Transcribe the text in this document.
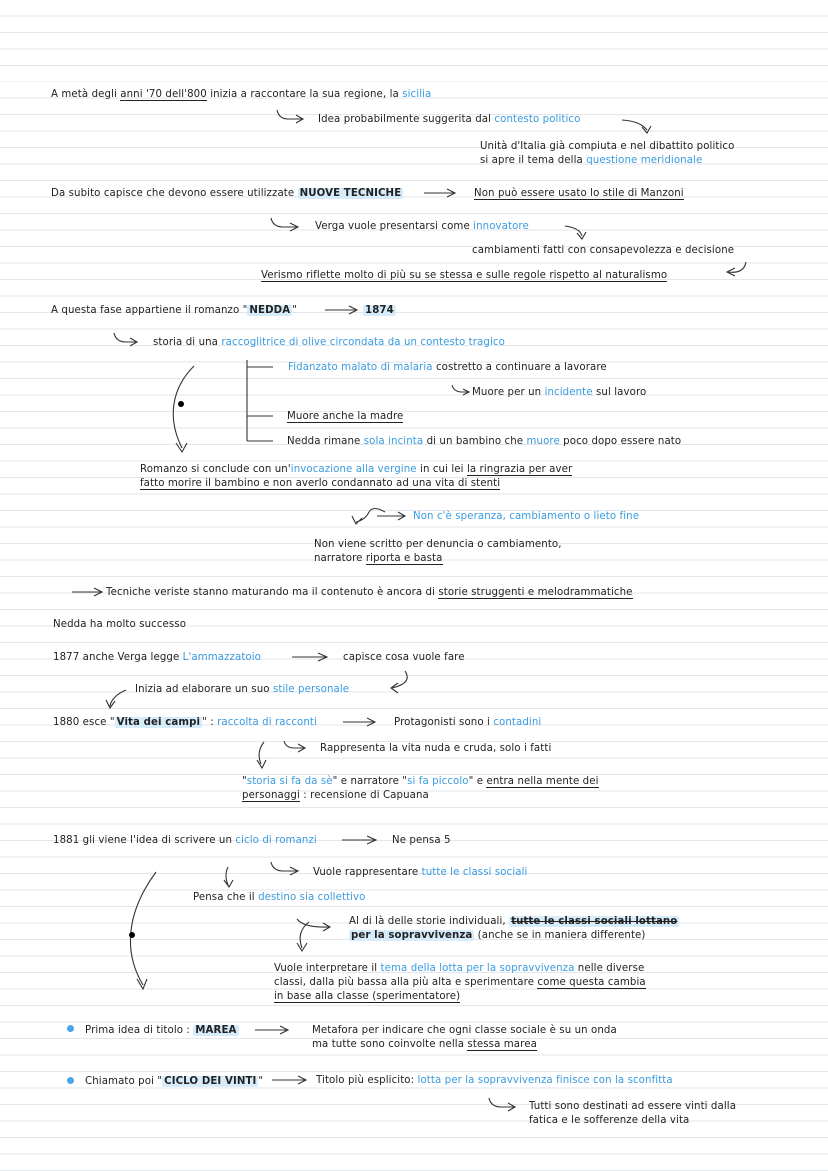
A metà degli anni '70 dell'800 inizia a raccontare la sua regione, la sicilia
Idea probabilmente suggerita dal contesto politico
Unità d'Italia già compiuta e nel dibattito politico
si apre il tema della questione meridionale
Da subito capisce che devono essere utilizzate NUOVE TECNICHE	Non può essere usato lo stile di Manzoni
Verga vuole presentarsi come innovatore
cambiamenti fatti con consapevolezza e decisione
Verismo riflette molto di più su se stessa e sulle regole rispetto al naturalismo
A questa fase appartiene il romanzo " NEDDA "	1874
storia di una raccoglitrice di olive circondata da un contesto tragico
Fidanzato malato di malaria costretto a continuare a lavorare
Muore per un incidente sul lavoro
Muore anche la madre
Nedda rimane sola incinta di un bambino che muore poco dopo essere nato
Romanzo si conclude con un'invocazione alla vergine in cui lei la ringrazia per aver
fatto morire il bambino e non averlo condannato ad una vita di stenti
Non c'è speranza, cambiamento o lieto fine
Non viene scritto per denuncia o cambiamento,
narratore riporta e basta
Tecniche veriste stanno maturando ma il contenuto è ancora di storie struggenti e melodrammatiche
Nedda ha molto successo
1877 anche Verga legge L'ammazzatoio	capisce cosa vuole fare
Inizia ad elaborare un suo stile personale
1880 esce " Vita dei campi " : raccolta di racconti	Protagonisti sono i contadini
Rappresenta la vita nuda e cruda, solo i fatti
"storia si fa da sè" e narratore "si fa piccolo" e entra nella mente dei
personaggi : recensione di Capuana
1881 gli viene l'idea di scrivere un ciclo di romanzi	Ne pensa 5
Vuole rappresentare tutte le classi sociali
Pensa che il destino sia collettivo
Al di là delle storie individuali, tutte le classi sociali lottano
per la sopravvivenza (anche se in maniera differente)
Vuole interpretare il tema della lotta per la sopravvivenza nelle diverse
classi, dalla più bassa alla più alta e sperimentare come questa cambia
in base alla classe (sperimentatore)
Prima idea di titolo : MAREA	Metafora per indicare che ogni classe sociale è su un onda
ma tutte sono coinvolte nella stessa marea
Chiamato poi " CICLO DEI VINTI "	Titolo più esplicito: lotta per la sopravvivenza finisce con la sconfitta
Tutti sono destinati ad essere vinti dalla
fatica e le sofferenze della vita
